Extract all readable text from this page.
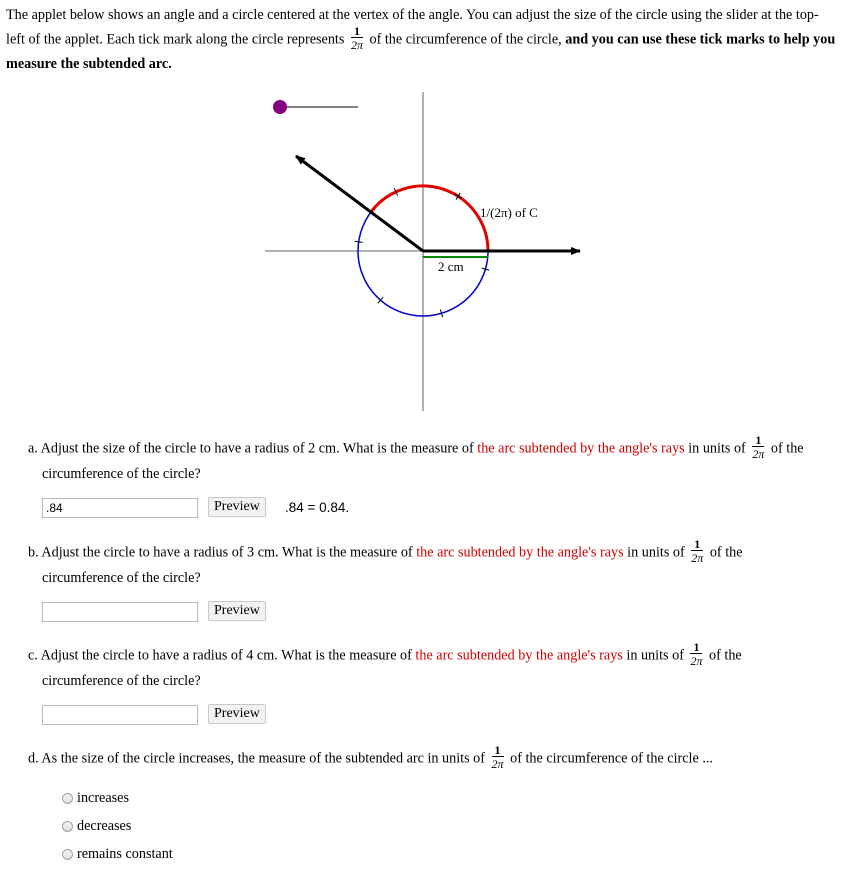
The applet below shows an angle and a circle centered at the vertex of the angle. You can adjust the size of the circle using the slider at the top-left of the applet. Each tick mark along the circle represents $\frac{1}{2\pi}$ of the circumference of the circle, and you can use these tick marks to help you measure the subtended arc.
1/(2π) of C
2 cm
a. Adjust the size of the circle to have a radius of 2 cm. What is the measure of the arc subtended by the angle's rays in units of $\frac{1}{2\pi}$ of the
circumference of the circle?
.84
Preview	.84 = 0.84.
b. Adjust the circle to have a radius of 3 cm. What is the measure of the arc subtended by the angle's rays in units of $\frac{1}{2\pi}$ of the
circumference of the circle?
Preview
c. Adjust the circle to have a radius of 4 cm. What is the measure of the arc subtended by the angle's rays in units of $\frac{1}{2\pi}$ of the
circumference of the circle?
Preview
d. As the size of the circle increases, the measure of the subtended arc in units of $\frac{1}{2\pi}$ of the circumference of the circle ...
increases
decreases
remains constant
